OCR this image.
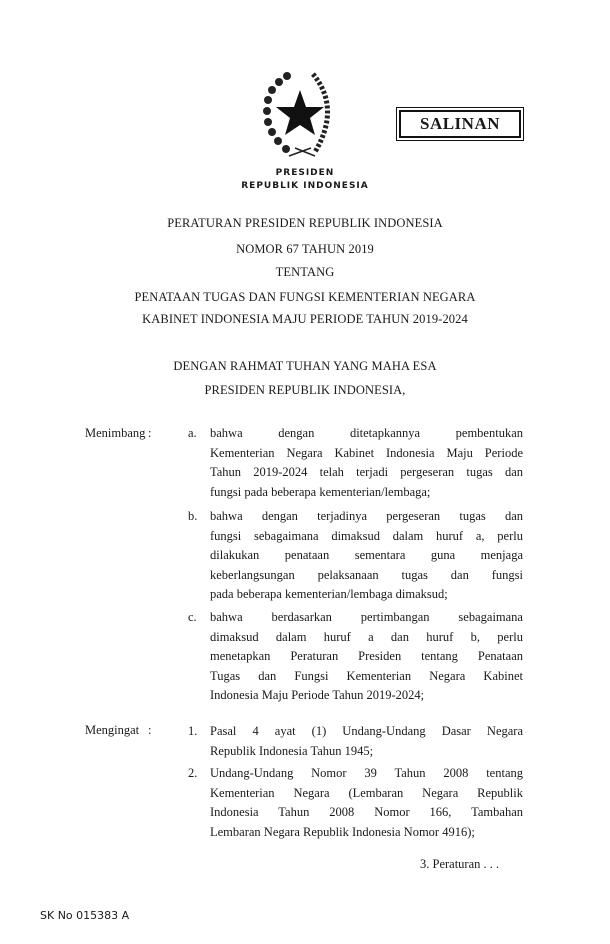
SALINAN
PRESIDEN
REPUBLIK INDONESIA
PERATURAN PRESIDEN REPUBLIK INDONESIA
NOMOR 67 TAHUN 2019
TENTANG
PENATAAN TUGAS DAN FUNGSI KEMENTERIAN NEGARA
KABINET INDONESIA MAJU PERIODE TAHUN 2019-2024
DENGAN RAHMAT TUHAN YANG MAHA ESA
PRESIDEN REPUBLIK INDONESIA,
Menimbang :	a. bahwa dengan ditetapkannya pembentukan
Kementerian Negara Kabinet Indonesia Maju Periode
Tahun 2019-2024 telah terjadi pergeseran tugas dan
fungsi pada beberapa kementerian/lembaga;
b. bahwa dengan terjadinya pergeseran tugas dan
fungsi sebagaimana dimaksud dalam huruf a, perlu
dilakukan penataan sementara guna menjaga
keberlangsungan pelaksanaan tugas dan fungsi
pada beberapa kementerian/lembaga dimaksud;
c. bahwa berdasarkan pertimbangan sebagaimana
dimaksud dalam huruf a dan huruf b, perlu
menetapkan Peraturan Presiden tentang Penataan
Tugas dan Fungsi Kementerian Negara Kabinet
Indonesia Maju Periode Tahun 2019-2024;
Mengingat :	1. Pasal 4 ayat (1) Undang-Undang Dasar Negara
Republik Indonesia Tahun 1945;
2. Undang-Undang Nomor 39 Tahun 2008 tentang
Kementerian Negara (Lembaran Negara Republik
Indonesia Tahun 2008 Nomor 166, Tambahan
Lembaran Negara Republik Indonesia Nomor 4916);
3. Peraturan . . .
SK No 015383 A
